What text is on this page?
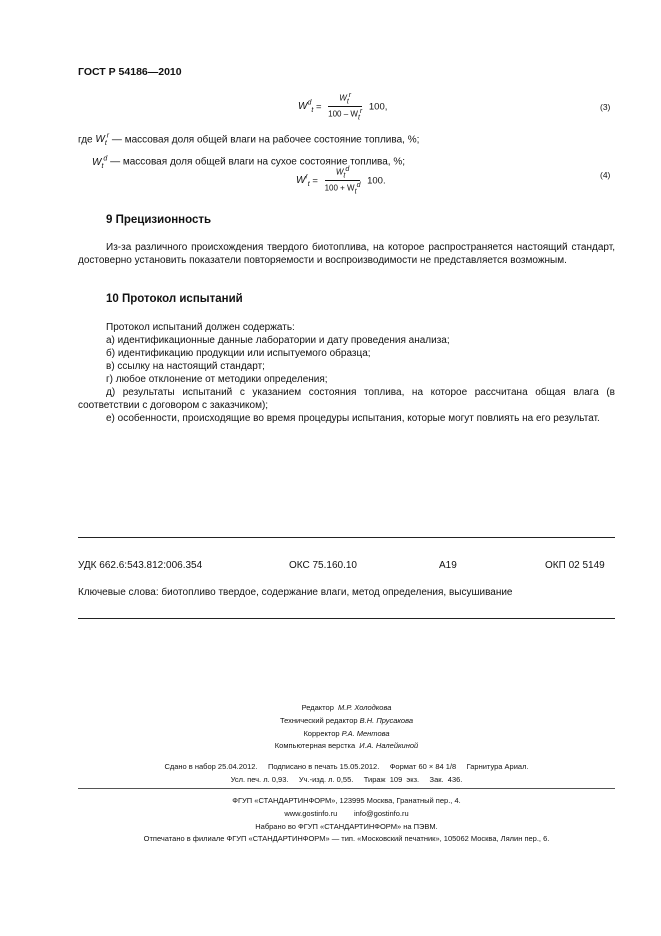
ГОСТ Р 54186—2010
$W^d_t = \frac{\text{Wtr}}{\text{100 – Wtr}} 100$,	(3)
где $W_t^r$ — массовая доля общей влаги на рабочее состояние топлива, %;
$W_t^d$ — массовая доля общей влаги на сухое состояние топлива, %;
$W^r_t = \frac{\text{Wtd}}{\text{100 + Wtd}} 100$.
(4)
9 Прецизионность

Из-за различного происхождения твердого биотоплива, на которое распространяется настоящий стандарт, достоверно установить показатели повторяемости и воспроизводимости не представляется возможным.

10 Протокол испытаний
Протокол испытаний должен содержать:
а) идентификационные данные лаборатории и дату проведения анализа;
б) идентификацию продукции или испытуемого образца;
в) ссылку на настоящий стандарт;
г) любое отклонение от методики определения;
д) результаты испытаний с указанием состояния топлива, на которое рассчитана общая влага (в соответствии с договором с заказчиком);
е) особенности, происходящие во время процедуры испытания, которые могут повлиять на его результат.
УДК 662.6:543.812:006.354	ОКС 75.160.10	А19	ОКП 02 5149
Ключевые слова: биотопливо твердое, содержание влаги, метод определения, высушивание
Редактор М.Р. Холодкова
Технический редактор В.Н. Прусакова
Корректор Р.А. Ментова
Компьютерная верстка И.А. Налейкиной
Сдано в набор 25.04.2012.     Подписано в печать 15.05.2012.     Формат 60 × 84 1/8     Гарнитура Ариал.
Усл. печ. л. 0,93.     Уч.-изд. л. 0,55.     Тираж  109  экз.     Зак.  436.
ФГУП «СТАНДАРТИНФОРМ», 123995 Москва, Гранатный пер., 4.
www.gostinfo.ru info@gostinfo.ru
Набрано во ФГУП «СТАНДАРТИНФОРМ» на ПЭВМ.
Отпечатано в филиале ФГУП «СТАНДАРТИНФОРМ» — тип. «Московский печатник», 105062 Москва, Лялин пер., 6.
